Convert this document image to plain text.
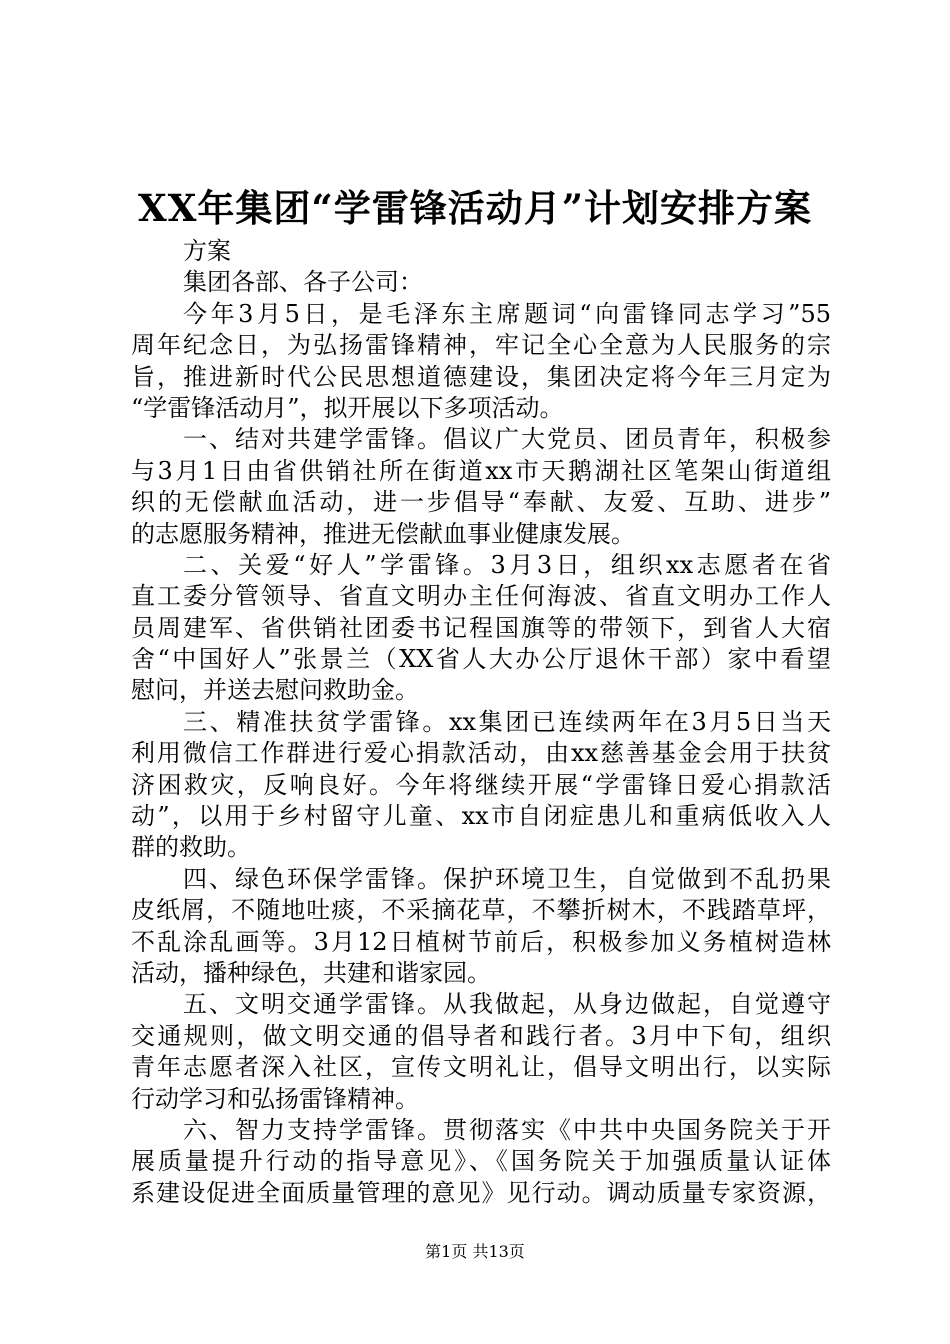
XX年集团“学雷锋活动月”计划安排方案
方案
集团各部、各子公司：
今年3月5日，是毛泽东主席题词“向雷锋同志学习”55
周年纪念日，为弘扬雷锋精神，牢记全心全意为人民服务的宗
旨，推进新时代公民思想道德建设，集团决定将今年三月定为
“学雷锋活动月”，拟开展以下多项活动。
一、结对共建学雷锋。倡议广大党员、团员青年，积极参
与3月1日由省供销社所在街道xx市天鹅湖社区笔架山街道组
织的无偿献血活动，进一步倡导“奉献、友爱、互助、进步”
的志愿服务精神，推进无偿献血事业健康发展。
二、关爱“好人”学雷锋。3月3日，组织xx志愿者在省
直工委分管领导、省直文明办主任何海波、省直文明办工作人
员周建军、省供销社团委书记程国旗等的带领下，到省人大宿
舍“中国好人”张景兰（XX省人大办公厅退休干部）家中看望
慰问，并送去慰问救助金。
三、精准扶贫学雷锋。xx集团已连续两年在3月5日当天
利用微信工作群进行爱心捐款活动，由xx慈善基金会用于扶贫
济困救灾，反响良好。今年将继续开展“学雷锋日爱心捐款活
动”，以用于乡村留守儿童、xx市自闭症患儿和重病低收入人
群的救助。
四、绿色环保学雷锋。保护环境卫生，自觉做到不乱扔果
皮纸屑，不随地吐痰，不采摘花草，不攀折树木，不践踏草坪，
不乱涂乱画等。3月12日植树节前后，积极参加义务植树造林
活动，播种绿色，共建和谐家园。
五、文明交通学雷锋。从我做起，从身边做起，自觉遵守
交通规则，做文明交通的倡导者和践行者。3月中下旬，组织
青年志愿者深入社区，宣传文明礼让，倡导文明出行，以实际
行动学习和弘扬雷锋精神。
六、智力支持学雷锋。贯彻落实《中共中央国务院关于开
展质量提升行动的指导意见》、《国务院关于加强质量认证体
系建设促进全面质量管理的意见》见行动。调动质量专家资源，
第1页 共13页
